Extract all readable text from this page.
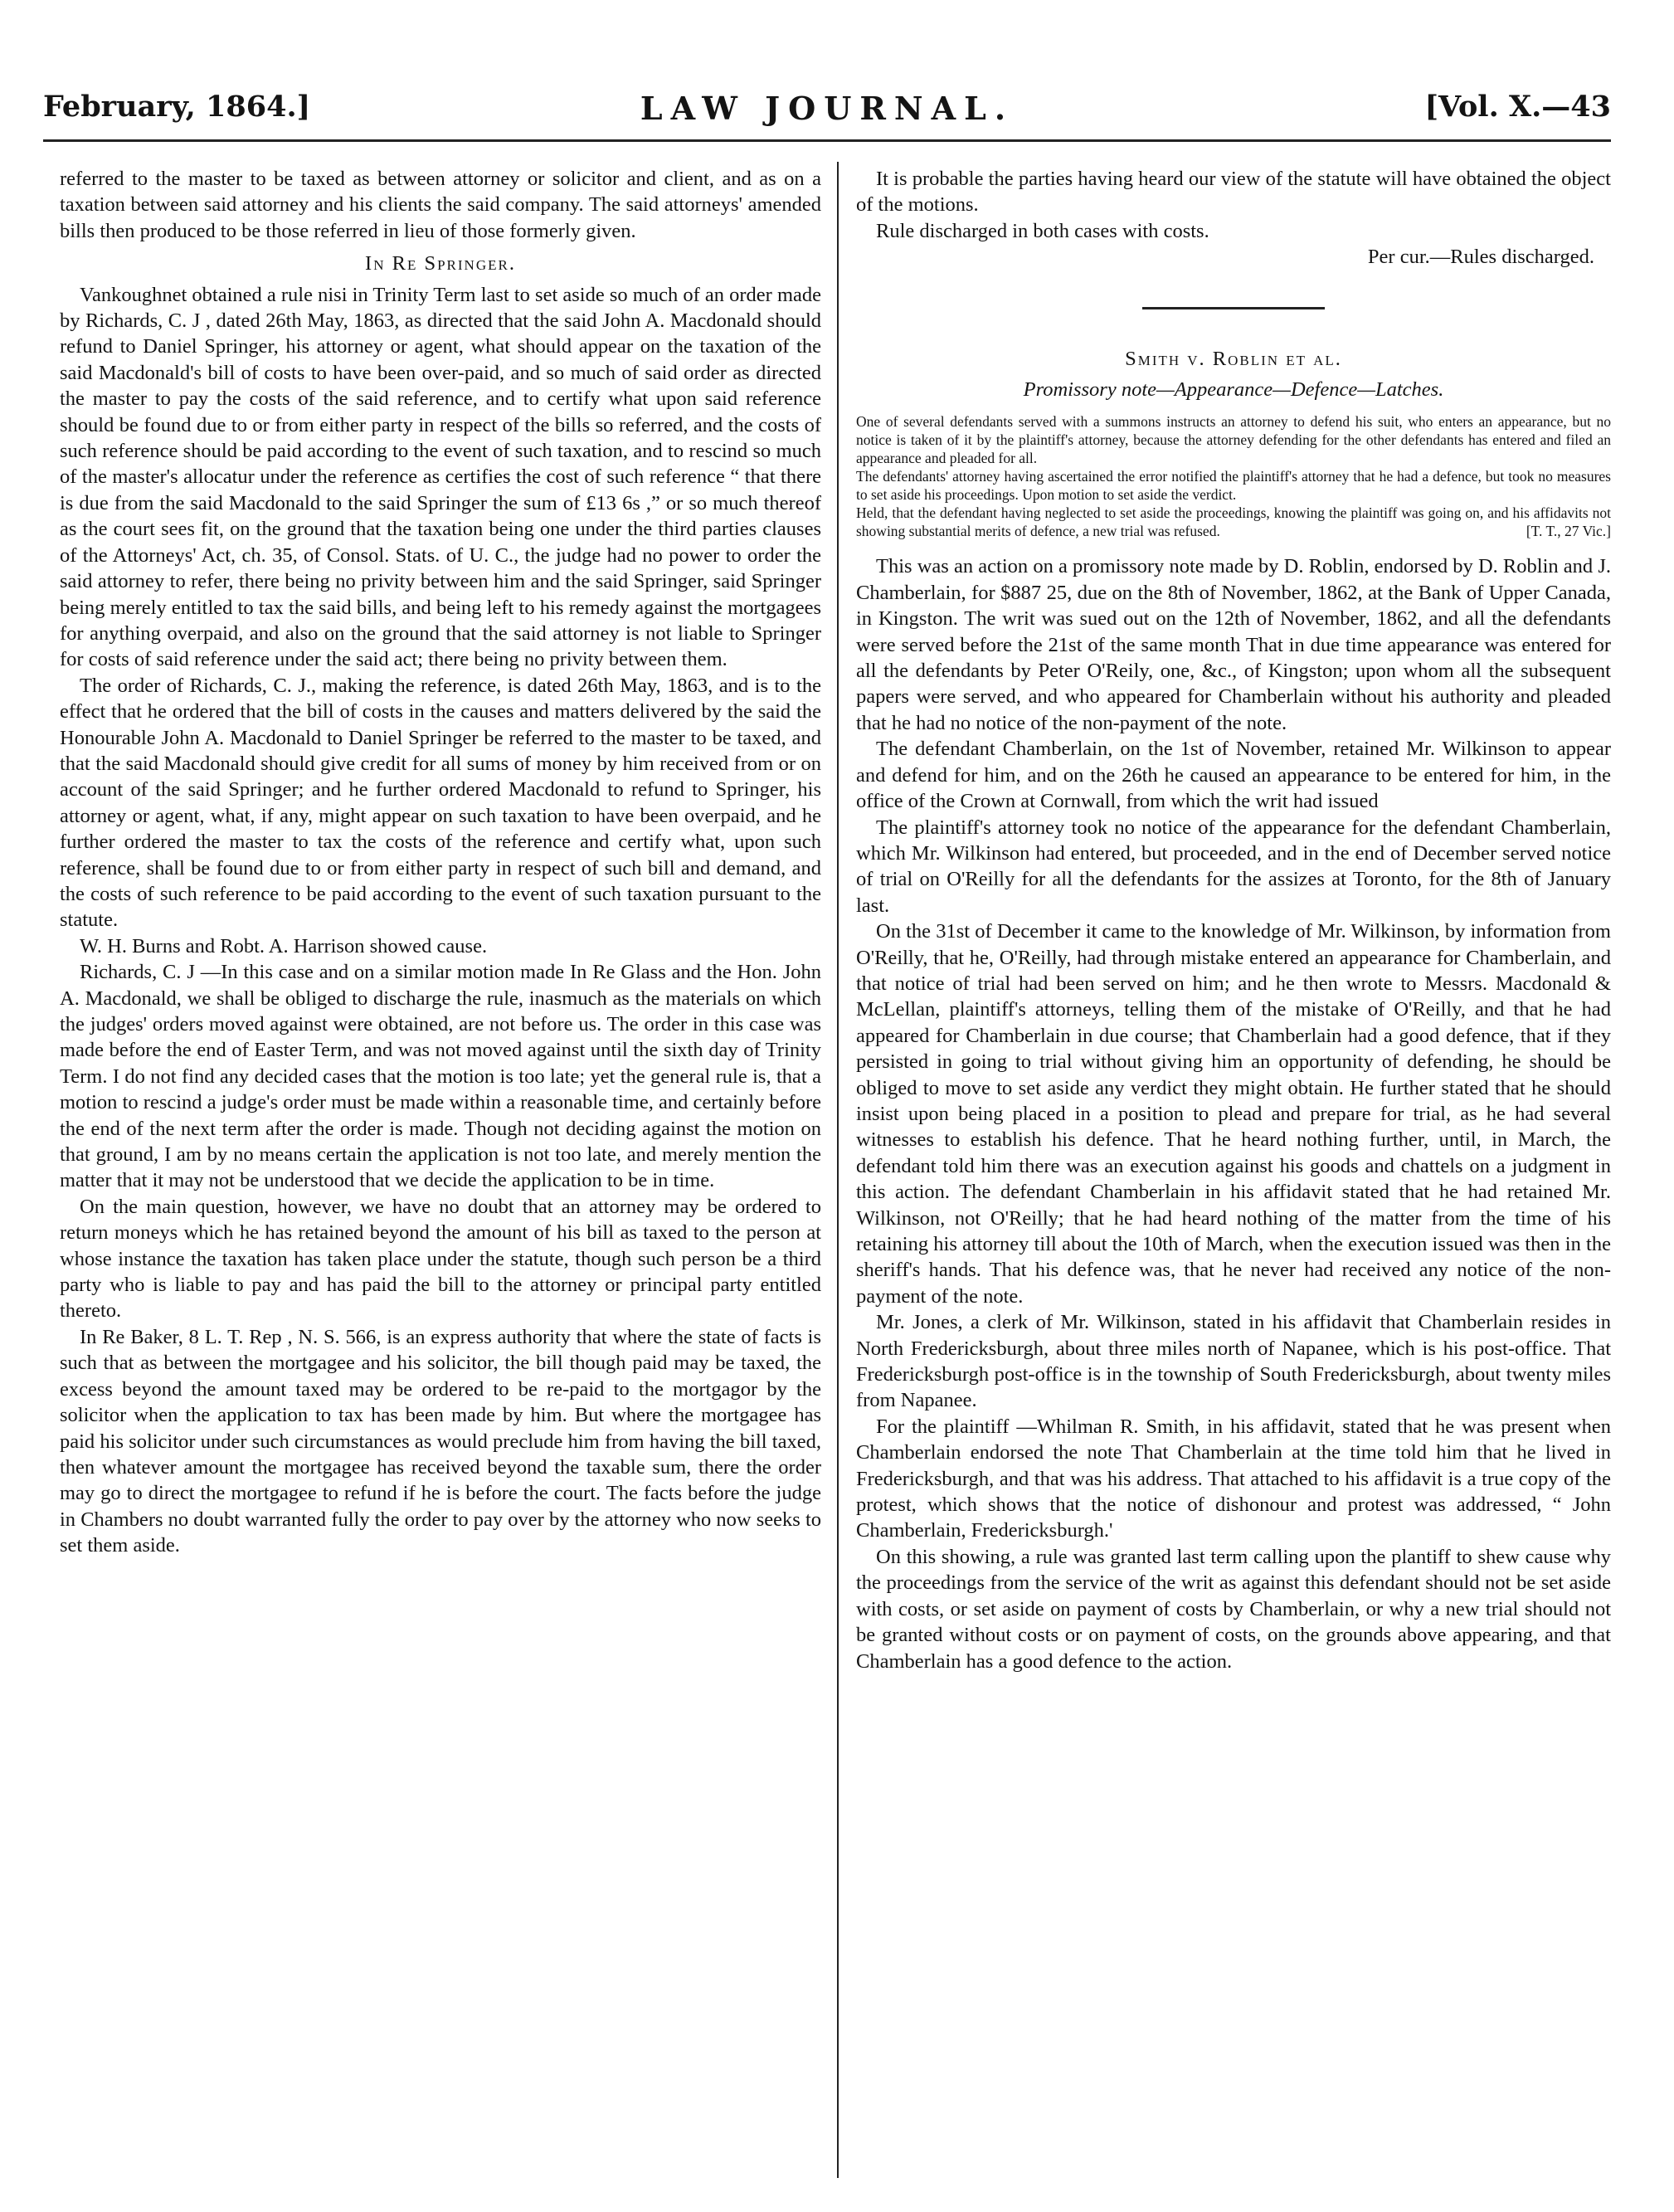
LAW JOURNAL.
February, 1864.]	[Vol. X.—43

referred to the master to be taxed as between attorney or solicitor and client, and as on a taxation between said attorney and his clients the said company. The said attorneys' amended bills then produced to be those referred in lieu of those formerly given.

In Re Springer.

Vankoughnet obtained a rule nisi in Trinity Term last to set aside so much of an order made by Richards, C. J , dated 26th May, 1863, as directed that the said John A. Macdonald should refund to Daniel Springer, his attorney or agent, what should appear on the taxation of the said Macdonald's bill of costs to have been over-paid, and so much of said order as directed the master to pay the costs of the said reference, and to certify what upon said reference should be found due to or from either party in respect of the bills so referred, and the costs of such reference should be paid according to the event of such taxation, and to rescind so much of the master's allocatur under the reference as certifies the cost of such reference “ that there is due from the said Macdonald to the said Springer the sum of £13 6s ,” or so much thereof as the court sees fit, on the ground that the taxation being one under the third parties clauses of the Attorneys' Act, ch. 35, of Consol. Stats. of U. C., the judge had no power to order the said attorney to refer, there being no privity between him and the said Springer, said Springer being merely entitled to tax the said bills, and being left to his remedy against the mortgagees for anything overpaid, and also on the ground that the said attorney is not liable to Springer for costs of said reference under the said act; there being no privity between them.

The order of Richards, C. J., making the reference, is dated 26th May, 1863, and is to the effect that he ordered that the bill of costs in the causes and matters delivered by the said the Honourable John A. Macdonald to Daniel Springer be referred to the master to be taxed, and that the said Macdonald should give credit for all sums of money by him received from or on account of the said Springer; and he further ordered Macdonald to refund to Springer, his attorney or agent, what, if any, might appear on such taxation to have been overpaid, and he further ordered the master to tax the costs of the reference and certify what, upon such reference, shall be found due to or from either party in respect of such bill and demand, and the costs of such reference to be paid according to the event of such taxation pursuant to the statute.

W. H. Burns and Robt. A. Harrison showed cause.

Richards, C. J —In this case and on a similar motion made In Re Glass and the Hon. John A. Macdonald, we shall be obliged to discharge the rule, inasmuch as the materials on which the judges' orders moved against were obtained, are not before us. The order in this case was made before the end of Easter Term, and was not moved against until the sixth day of Trinity Term. I do not find any decided cases that the motion is too late; yet the general rule is, that a motion to rescind a judge's order must be made within a reasonable time, and certainly before the end of the next term after the order is made. Though not deciding against the motion on that ground, I am by no means certain the application is not too late, and merely mention the matter that it may not be understood that we decide the application to be in time.

On the main question, however, we have no doubt that an attorney may be ordered to return moneys which he has retained beyond the amount of his bill as taxed to the person at whose instance the taxation has taken place under the statute, though such person be a third party who is liable to pay and has paid the bill to the attorney or principal party entitled thereto.

In Re Baker, 8 L. T. Rep , N. S. 566, is an express authority that where the state of facts is such that as between the mortgagee and his solicitor, the bill though paid may be taxed, the excess beyond the amount taxed may be ordered to be re-paid to the mortgagor by the solicitor when the application to tax has been made by him. But where the mortgagee has paid his solicitor under such circumstances as would preclude him from having the bill taxed, then whatever amount the mortgagee has received beyond the taxable sum, there the order may go to direct the mortgagee to refund if he is before the court. The facts before the judge in Chambers no doubt warranted fully the order to pay over by the attorney who now seeks to set them aside.

It is probable the parties having heard our view of the statute will have obtained the object of the motions.

Rule discharged in both cases with costs.

Per cur.—Rules discharged.

Smith v. Roblin et al.

Promissory note—Appearance—Defence—Latches.

One of several defendants served with a summons instructs an attorney to defend his suit, who enters an appearance, but no notice is taken of it by the plaintiff's attorney, because the attorney defending for the other defendants has entered and filed an appearance and pleaded for all.

The defendants' attorney having ascertained the error notified the plaintiff's attorney that he had a defence, but took no measures to set aside his proceedings. Upon motion to set aside the verdict.

Held, that the defendant having neglected to set aside the proceedings, knowing the plaintiff was going on, and his affidavits not showing substantial merits of defence, a new trial was refused.	[T. T., 27 Vic.]

This was an action on a promissory note made by D. Roblin, endorsed by D. Roblin and J. Chamberlain, for $887 25, due on the 8th of November, 1862, at the Bank of Upper Canada, in Kingston. The writ was sued out on the 12th of November, 1862, and all the defendants were served before the 21st of the same month That in due time appearance was entered for all the defendants by Peter O'Reily, one, &c., of Kingston; upon whom all the subsequent papers were served, and who appeared for Chamberlain without his authority and pleaded that he had no notice of the non-payment of the note.

The defendant Chamberlain, on the 1st of November, retained Mr. Wilkinson to appear and defend for him, and on the 26th he caused an appearance to be entered for him, in the office of the Crown at Cornwall, from which the writ had issued

The plaintiff's attorney took no notice of the appearance for the defendant Chamberlain, which Mr. Wilkinson had entered, but proceeded, and in the end of December served notice of trial on O'Reilly for all the defendants for the assizes at Toronto, for the 8th of January last.

On the 31st of December it came to the knowledge of Mr. Wilkinson, by information from O'Reilly, that he, O'Reilly, had through mistake entered an appearance for Chamberlain, and that notice of trial had been served on him; and he then wrote to Messrs. Macdonald & McLellan, plaintiff's attorneys, telling them of the mistake of O'Reilly, and that he had appeared for Chamberlain in due course; that Chamberlain had a good defence, that if they persisted in going to trial without giving him an opportunity of defending, he should be obliged to move to set aside any verdict they might obtain. He further stated that he should insist upon being placed in a position to plead and prepare for trial, as he had several witnesses to establish his defence. That he heard nothing further, until, in March, the defendant told him there was an execution against his goods and chattels on a judgment in this action. The defendant Chamberlain in his affidavit stated that he had retained Mr. Wilkinson, not O'Reilly; that he had heard nothing of the matter from the time of his retaining his attorney till about the 10th of March, when the execution issued was then in the sheriff's hands. That his defence was, that he never had received any notice of the non-payment of the note.

Mr. Jones, a clerk of Mr. Wilkinson, stated in his affidavit that Chamberlain resides in North Fredericksburgh, about three miles north of Napanee, which is his post-office. That Fredericksburgh post-office is in the township of South Fredericksburgh, about twenty miles from Napanee.

For the plaintiff —Whilman R. Smith, in his affidavit, stated that he was present when Chamberlain endorsed the note That Chamberlain at the time told him that he lived in Fredericksburgh, and that was his address. That attached to his affidavit is a true copy of the protest, which shows that the notice of dishonour and protest was addressed, “ John Chamberlain, Fredericksburgh.'

On this showing, a rule was granted last term calling upon the plantiff to shew cause why the proceedings from the service of the writ as against this defendant should not be set aside with costs, or set aside on payment of costs by Chamberlain, or why a new trial should not be granted without costs or on payment of costs, on the grounds above appearing, and that Chamberlain has a good defence to the action.
